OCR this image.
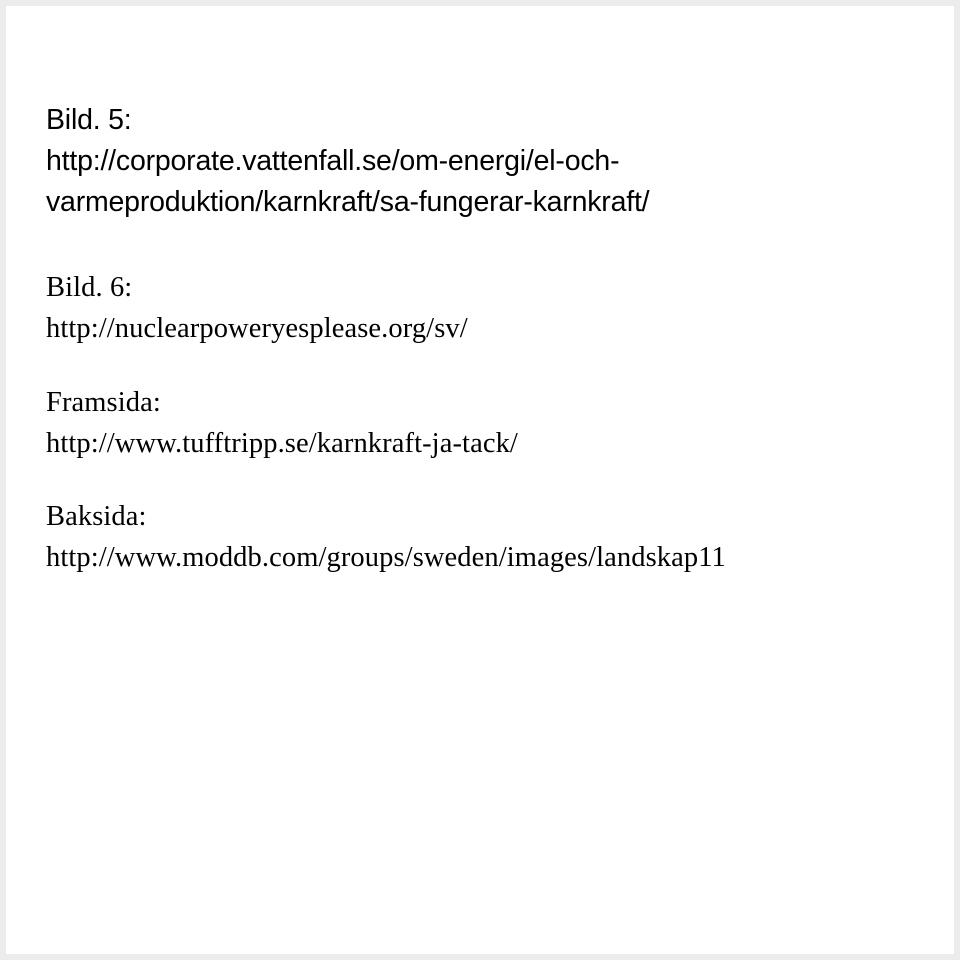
Bild. 5:
http://corporate.vattenfall.se/om-energi/el-och-
varmeproduktion/karnkraft/sa-fungerar-karnkraft/
Bild. 6:
http://nuclearpoweryesplease.org/sv/
Framsida:
http://www.tufftripp.se/karnkraft-ja-tack/
Baksida:
http://www.moddb.com/groups/sweden/images/landskap11
